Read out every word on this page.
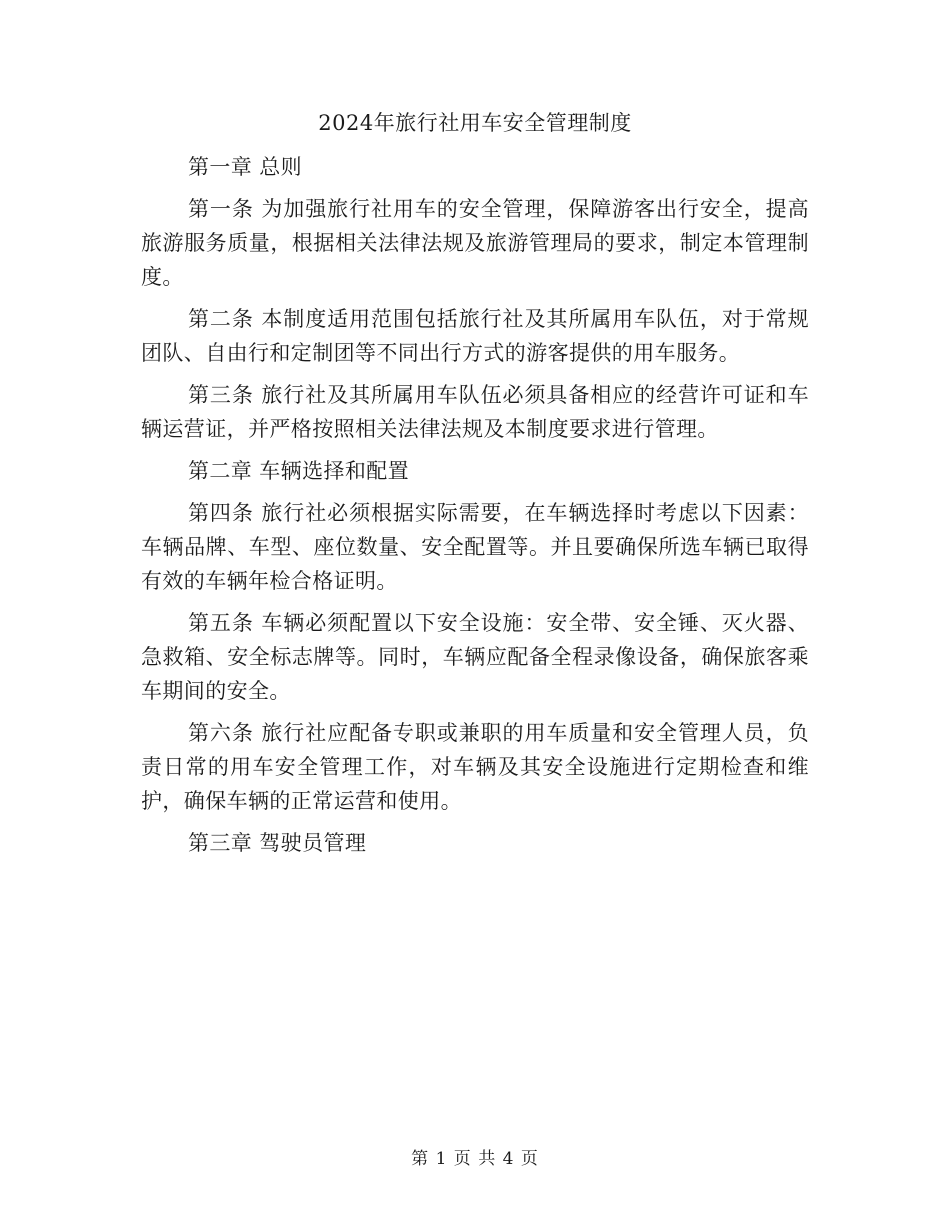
2024年旅行社用车安全管理制度

第一章 总则

第一条 为加强旅行社用车的安全管理，保障游客出行安全，提高旅游服务质量，根据相关法律法规及旅游管理局的要求，制定本管理制度。

第二条 本制度适用范围包括旅行社及其所属用车队伍，对于常规团队、自由行和定制团等不同出行方式的游客提供的用车服务。

第三条 旅行社及其所属用车队伍必须具备相应的经营许可证和车辆运营证，并严格按照相关法律法规及本制度要求进行管理。

第二章 车辆选择和配置

第四条 旅行社必须根据实际需要，在车辆选择时考虑以下因素：车辆品牌、车型、座位数量、安全配置等。并且要确保所选车辆已取得有效的车辆年检合格证明。

第五条 车辆必须配置以下安全设施：安全带、安全锤、灭火器、急救箱、安全标志牌等。同时，车辆应配备全程录像设备，确保旅客乘车期间的安全。

第六条 旅行社应配备专职或兼职的用车质量和安全管理人员，负责日常的用车安全管理工作，对车辆及其安全设施进行定期检查和维护，确保车辆的正常运营和使用。

第三章 驾驶员管理

第 1 页 共 4 页
